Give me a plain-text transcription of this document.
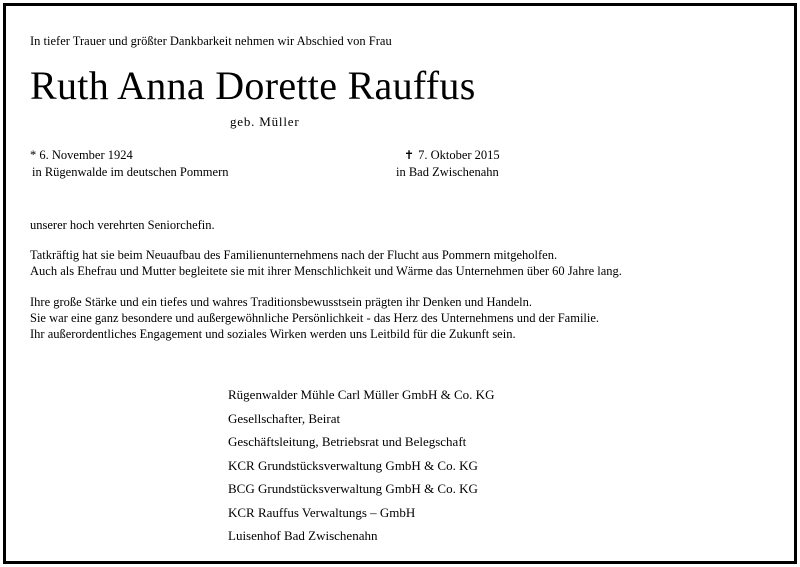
In tiefer Trauer und größter Dankbarkeit nehmen wir Abschied von Frau
Ruth Anna Dorette Rauffus
geb. Müller
* 6. November 1924
in Rügenwalde im deutschen Pommern
✝ 7. Oktober 2015
in Bad Zwischenahn
unserer hoch verehrten Seniorchefin.
Tatkräftig hat sie beim Neuaufbau des Familienunternehmens nach der Flucht aus Pommern mitgeholfen.
Auch als Ehefrau und Mutter begleitete sie mit ihrer Menschlichkeit und Wärme das Unternehmen über 60 Jahre lang.
Ihre große Stärke und ein tiefes und wahres Traditionsbewusstsein prägten ihr Denken und Handeln.
Sie war eine ganz besondere und außergewöhnliche Persönlichkeit - das Herz des Unternehmens und der Familie.
Ihr außerordentliches Engagement und soziales Wirken werden uns Leitbild für die Zukunft sein.
Rügenwalder Mühle Carl Müller GmbH & Co. KG
Gesellschafter, Beirat
Geschäftsleitung, Betriebsrat und Belegschaft
KCR Grundstücksverwaltung GmbH & Co. KG
BCG Grundstücksverwaltung GmbH & Co. KG
KCR Rauffus Verwaltungs – GmbH
Luisenhof Bad Zwischenahn
